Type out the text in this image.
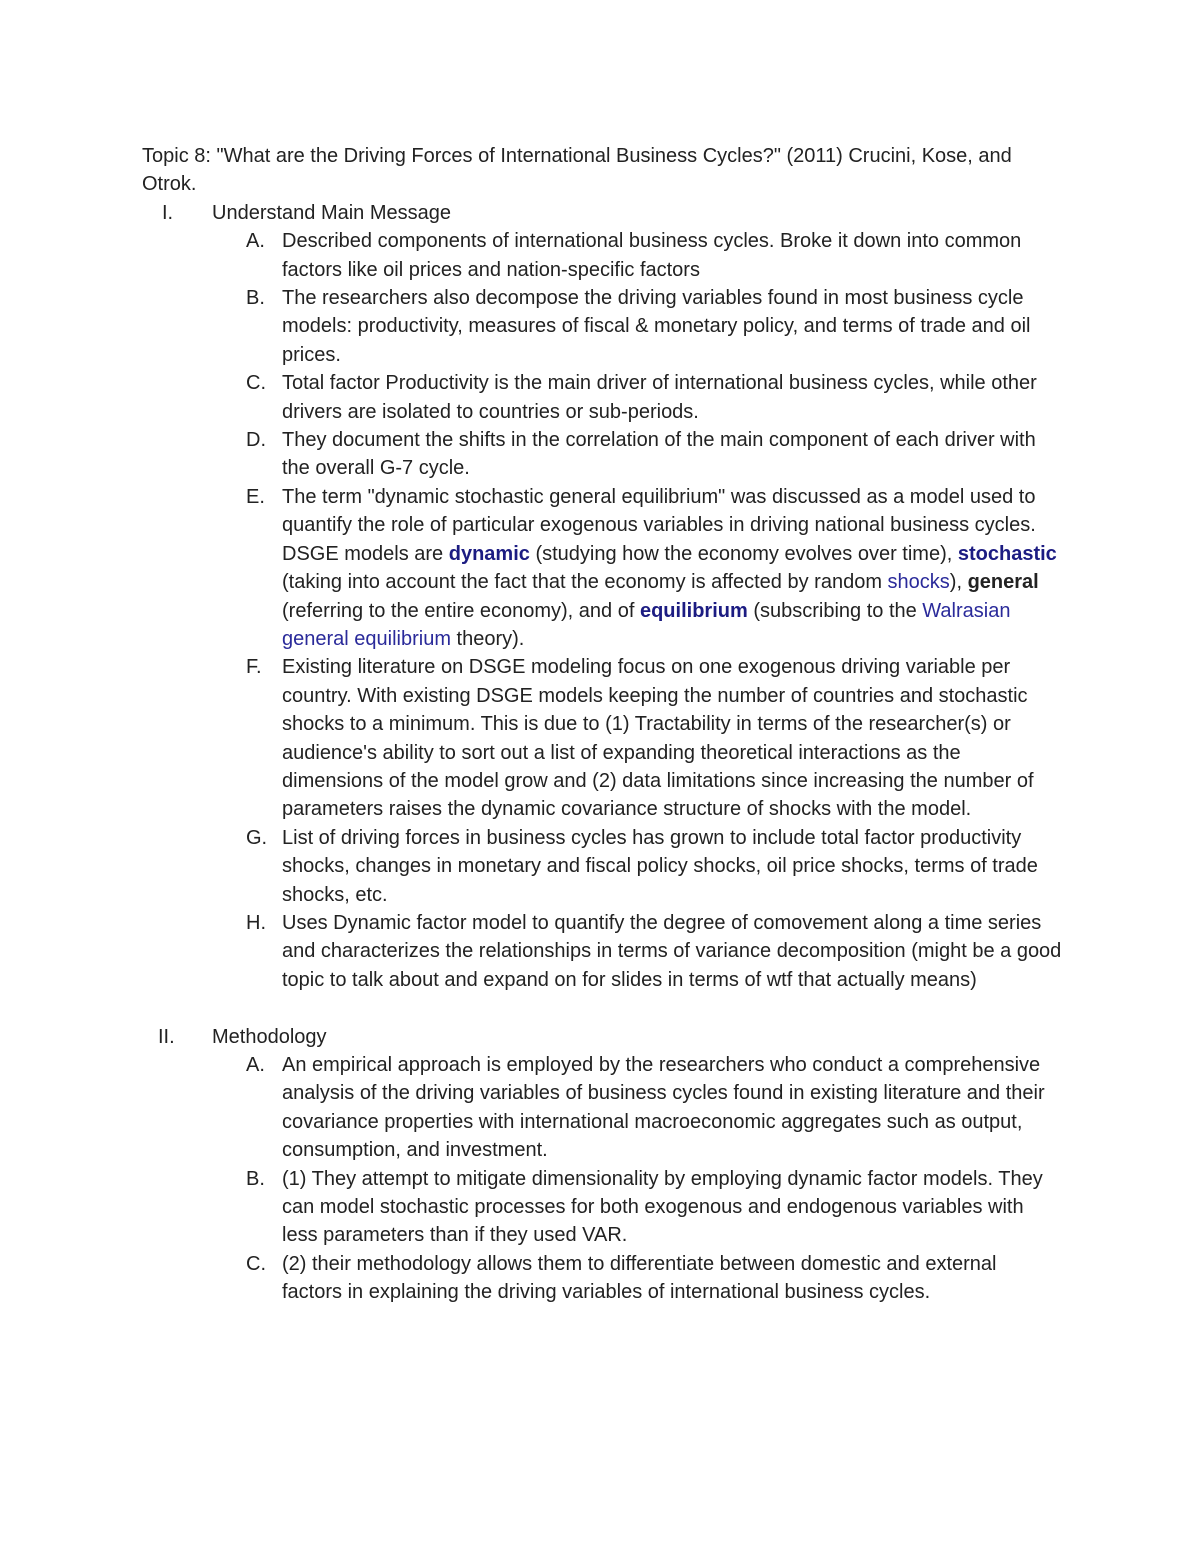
Topic 8: "What are the Driving Forces of International Business Cycles?" (2011) Crucini, Kose, and Otrok.

I.	Understand Main Message
A. Described components of international business cycles. Broke it down into common factors like oil prices and nation-specific factors
B. The researchers also decompose the driving variables found in most business cycle models: productivity, measures of fiscal & monetary policy, and terms of trade and oil prices.
C. Total factor Productivity is the main driver of international business cycles, while other drivers are isolated to countries or sub-periods.
D. They document the shifts in the correlation of the main component of each driver with the overall G-7 cycle.
E. The term "dynamic stochastic general equilibrium" was discussed as a model used to quantify the role of particular exogenous variables in driving national business cycles. DSGE models are dynamic (studying how the economy evolves over time), stochastic (taking into account the fact that the economy is affected by random shocks), general (referring to the entire economy), and of equilibrium (subscribing to the Walrasian general equilibrium theory).
F.	Existing literature on DSGE modeling focus on one exogenous driving variable per country. With existing DSGE models keeping the number of countries and stochastic shocks to a minimum. This is due to (1) Tractability in terms of the researcher(s) or audience's ability to sort out a list of expanding theoretical interactions as the dimensions of the model grow and (2) data limitations since increasing the number of parameters raises the dynamic covariance structure of shocks with the model.
G. List of driving forces in business cycles has grown to include total factor productivity shocks, changes in monetary and fiscal policy shocks, oil price shocks, terms of trade shocks, etc.
H. Uses Dynamic factor model to quantify the degree of comovement along a time series and characterizes the relationships in terms of variance decomposition (might be a good topic to talk about and expand on for slides in terms of wtf that actually means)
II.	Methodology
A. An empirical approach is employed by the researchers who conduct a comprehensive analysis of the driving variables of business cycles found in existing literature and their covariance properties with international macroeconomic aggregates such as output, consumption, and investment.
B. (1) They attempt to mitigate dimensionality by employing dynamic factor models. They can model stochastic processes for both exogenous and endogenous variables with less parameters than if they used VAR.
C. (2) their methodology allows them to differentiate between domestic and external factors in explaining the driving variables of international business cycles.
